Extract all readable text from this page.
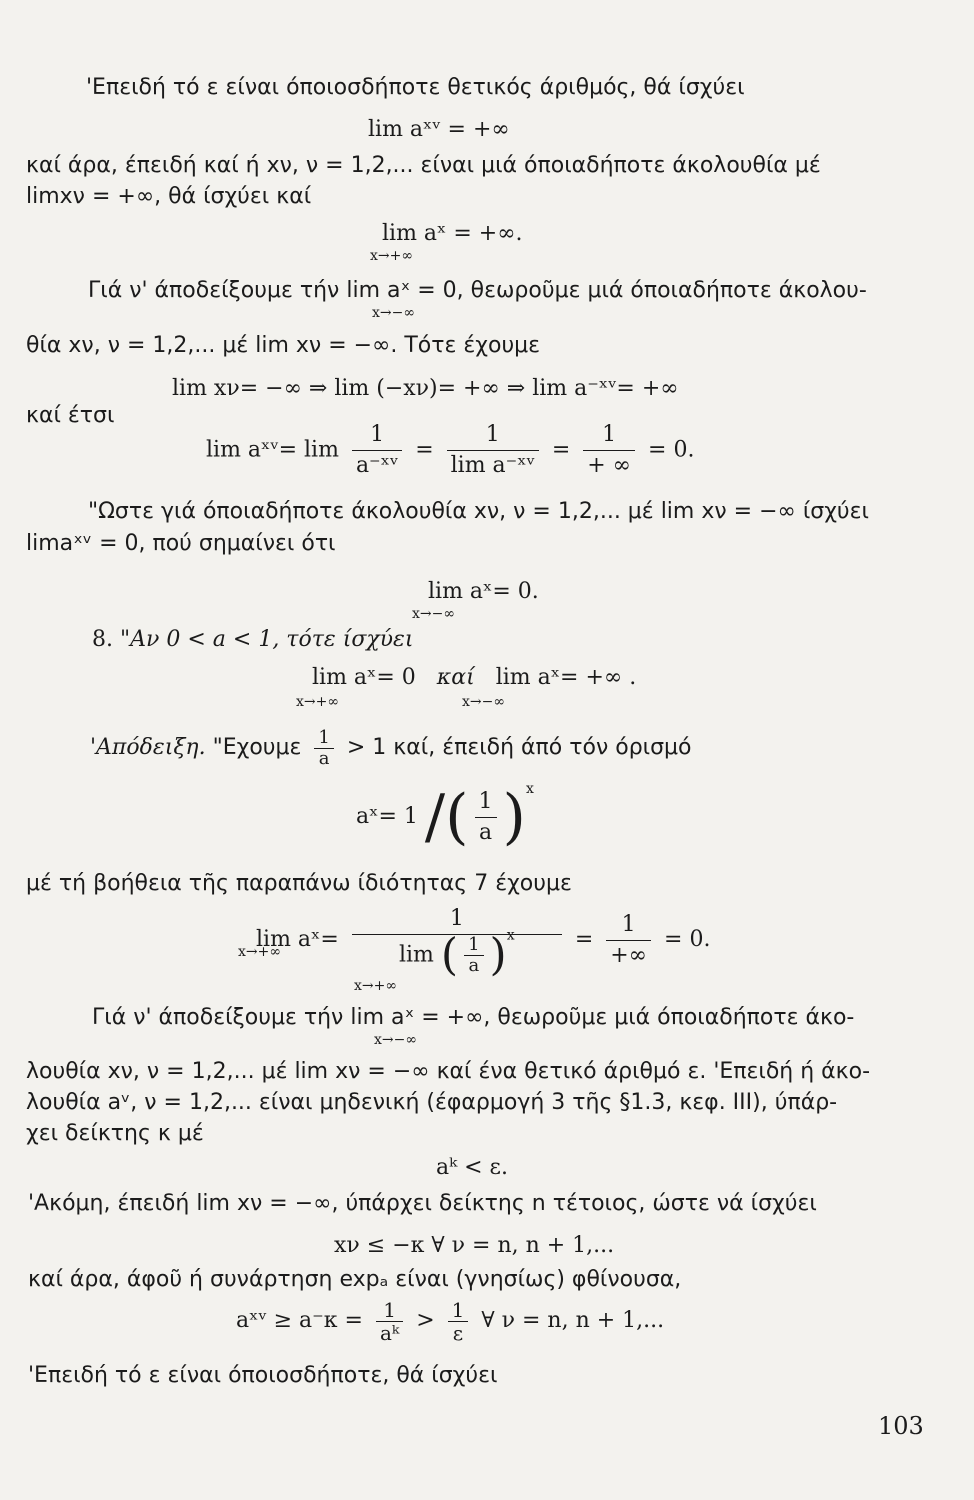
'Επειδή τό ε είναι όποιοσδήποτε θετικός άριθμός, θά ίσχύει
lim aˣᵛ = +∞
καί άρα, έπειδή καί ή xν, ν = 1,2,... είναι μιά όποιαδήποτε άκολουθία μέ
limxν = +∞, θά ίσχύει καί
lim aˣ = +∞.
x→+∞
Γιά ν' άποδείξουμε τήν lim aˣ = 0, θεωροῦμε μιά όποιαδήποτε άκολου-
x→−∞
θία xν, ν = 1,2,... μέ lim xν = −∞. Τότε έχουμε
lim xν= −∞ ⇒ lim (−xν)= +∞ ⇒ lim a⁻ˣᵛ= +∞
καί έτσι
lim aˣᵛ= $\lim \frac{1}{\text{a⁻ˣᵛ}} = \frac{1}{\text{lim a⁻ˣᵛ}} = \frac{1}{+ \infty} = 0$.
"Ωστε γιά όποιαδήποτε άκολουθία xν, ν = 1,2,... μέ lim xν = −∞ ίσχύει
limaˣᵛ = 0, πού σημαίνει ότι
lim aˣ= 0.
x→−∞
8. "Αν 0 < a < 1, τότε ίσχύει
lim aˣ= 0 καί lim aˣ= +∞ .
x→+∞	x→−∞
'Απόδειξη. "$E\chi o\upsilon\mu\varepsilon \frac{1}{a} > 1$ καί, έπειδή άπό τόν όρισμό
aˣ= 1 /( $\frac{1}{a} )^x$
μέ τή βοήθεια τῆς παραπάνω ίδιότητας 7 έχουμε
lim aˣ= $\frac{1}{\lim ( \frac{1}{a} )^x} = \frac{1}{+\infty} = 0$.
x→+∞
x→+∞
Γιά ν' άποδείξουμε τήν lim aˣ = +∞, θεωροῦμε μιά όποιαδήποτε άκο-
x→−∞
λουθία xν, ν = 1,2,... μέ lim xν = −∞ καί ένα θετικό άριθμό ε. 'Επειδή ή άκο-
λουθία aᵛ, ν = 1,2,... είναι μηδενική (έφαρμογή 3 τῆς §1.3, κεφ. III), ύπάρ-
χει δείκτης κ μέ
aᵏ < ε.
'Ακόμη, έπειδή lim xν = −∞, ύπάρχει δείκτης n τέτοιος, ώστε νά ίσχύει
xν ≤ −κ ∀ ν = n, n + 1,...
καί άρα, άφοῦ ή συνάρτηση expₐ είναι (γνησίως) φθίνουσα,
aˣᵛ ≥ $a^-\kappa = \frac{1}{\text{aᵏ}} > \frac{1}{\varepsilon}$ ∀ ν = n, n + 1,...
'Επειδή τό ε είναι όποιοσδήποτε, θά ίσχύει
103
